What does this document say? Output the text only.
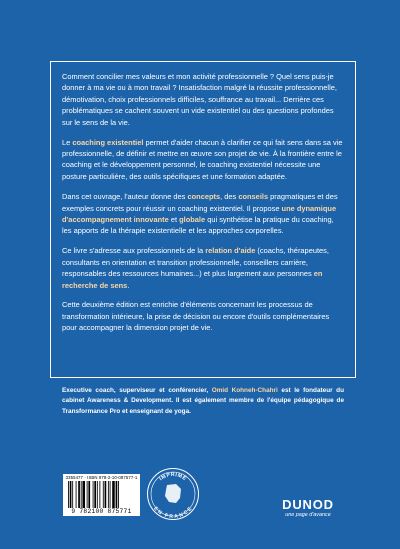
Comment concilier mes valeurs et mon activité professionnelle ? Quel sens puis-je donner à ma vie ou à mon travail ? Insatisfaction malgré la réussite professionnelle, démotivation, choix professionnels difficiles, souffrance au travail... Derrière ces problématiques se cachent souvent un vide existentiel ou des questions profondes sur le sens de la vie.

Le coaching existentiel permet d'aider chacun à clarifier ce qui fait sens dans sa vie professionnelle, de définir et mettre en œuvre son projet de vie. À la frontière entre le coaching et le développement personnel, le coaching existentiel nécessite une posture particulière, des outils spécifiques et une formation adaptée.

Dans cet ouvrage, l'auteur donne des concepts, des conseils pragmatiques et des exemples concrets pour réussir un coaching existentiel. Il propose une dynamique d'accompagnement innovante et globale qui synthétise la pratique du coaching, les apports de la thérapie existentielle et les approches corporelles.

Ce livre s'adresse aux professionnels de la relation d'aide (coachs, thérapeutes, consultants en orientation et transition professionnelle, conseillers carrière, responsables des ressources humaines...) et plus largement aux personnes en recherche de sens.

Cette deuxième édition est enrichie d'éléments concernant les processus de transformation intérieure, la prise de décision ou encore d'outils complémentaires pour accompagner la dimension projet de vie.

Executive coach, superviseur et conférencier, Omid Kohneh-Chahri est le fondateur du cabinet Awareness & Development. Il est également membre de l'équipe pédagogique de Transformance Pro et enseignant de yoga.

3355477 · ISBN 978-2-10-087577-1
9 782100 875771
IMPRIMÉ
EN FRANCE	DUNOD
une page d'avance
